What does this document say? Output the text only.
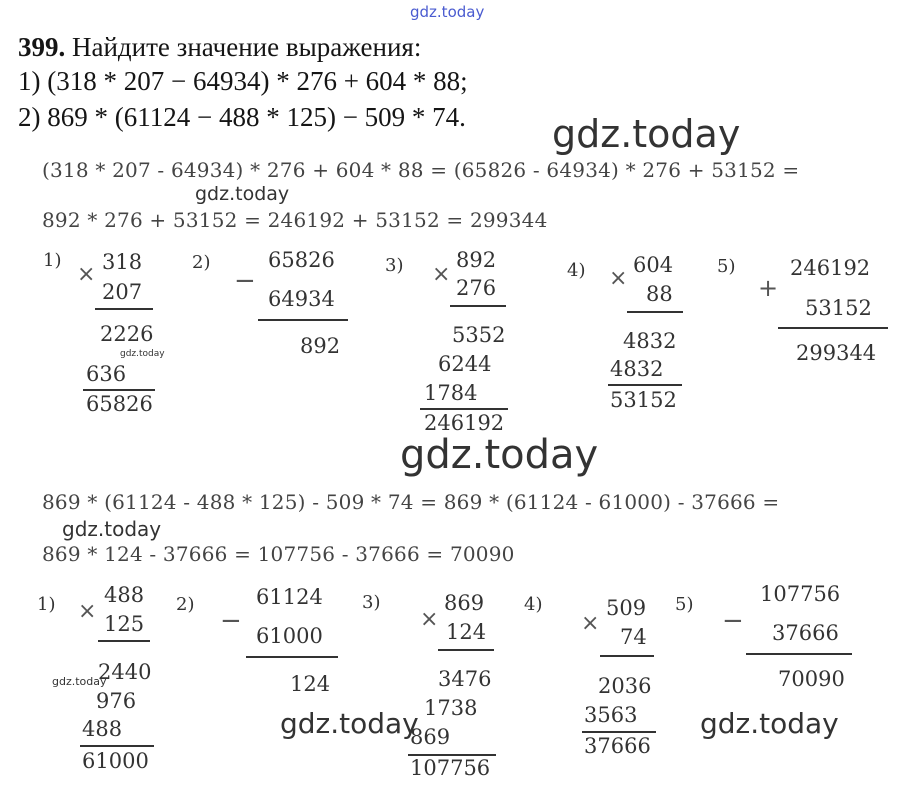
gdz.today
gdz.today
gdz.today
gdz.today
gdz.today
gdz.today
gdz.today
gdz.today	gdz.today
399. Найдите значение выражения:
1) (318 * 207 − 64934) * 276 + 604 * 88;
2) 869 * (61124 − 488 * 125) − 509 * 74.
(318 * 207 - 64934) * 276 + 604 * 88 = (65826 - 64934) * 276 + 53152 =
892 * 276 + 53152 = 246192 + 53152 = 299344
1)
× 318
207
2226
636
65826
2)
−
65826
64934
892
3) ×
892
276
5352
6244
1784
246192
4) ×
604
88
4832
4832
53152
5)
+
246192
53152
299344
869 * (61124 - 488 * 125) - 509 * 74 = 869 * (61124 - 61000) - 37666 =
869 * 124 - 37666 = 107756 - 37666 = 70090
1) ×
488
125
2440
976
488
61000
2)
−
61124
61000
124
3)
×
869
124
3476
1738
869
107756
4)
×
509
74
2036
3563
37666
5)
−
107756
37666
70090
